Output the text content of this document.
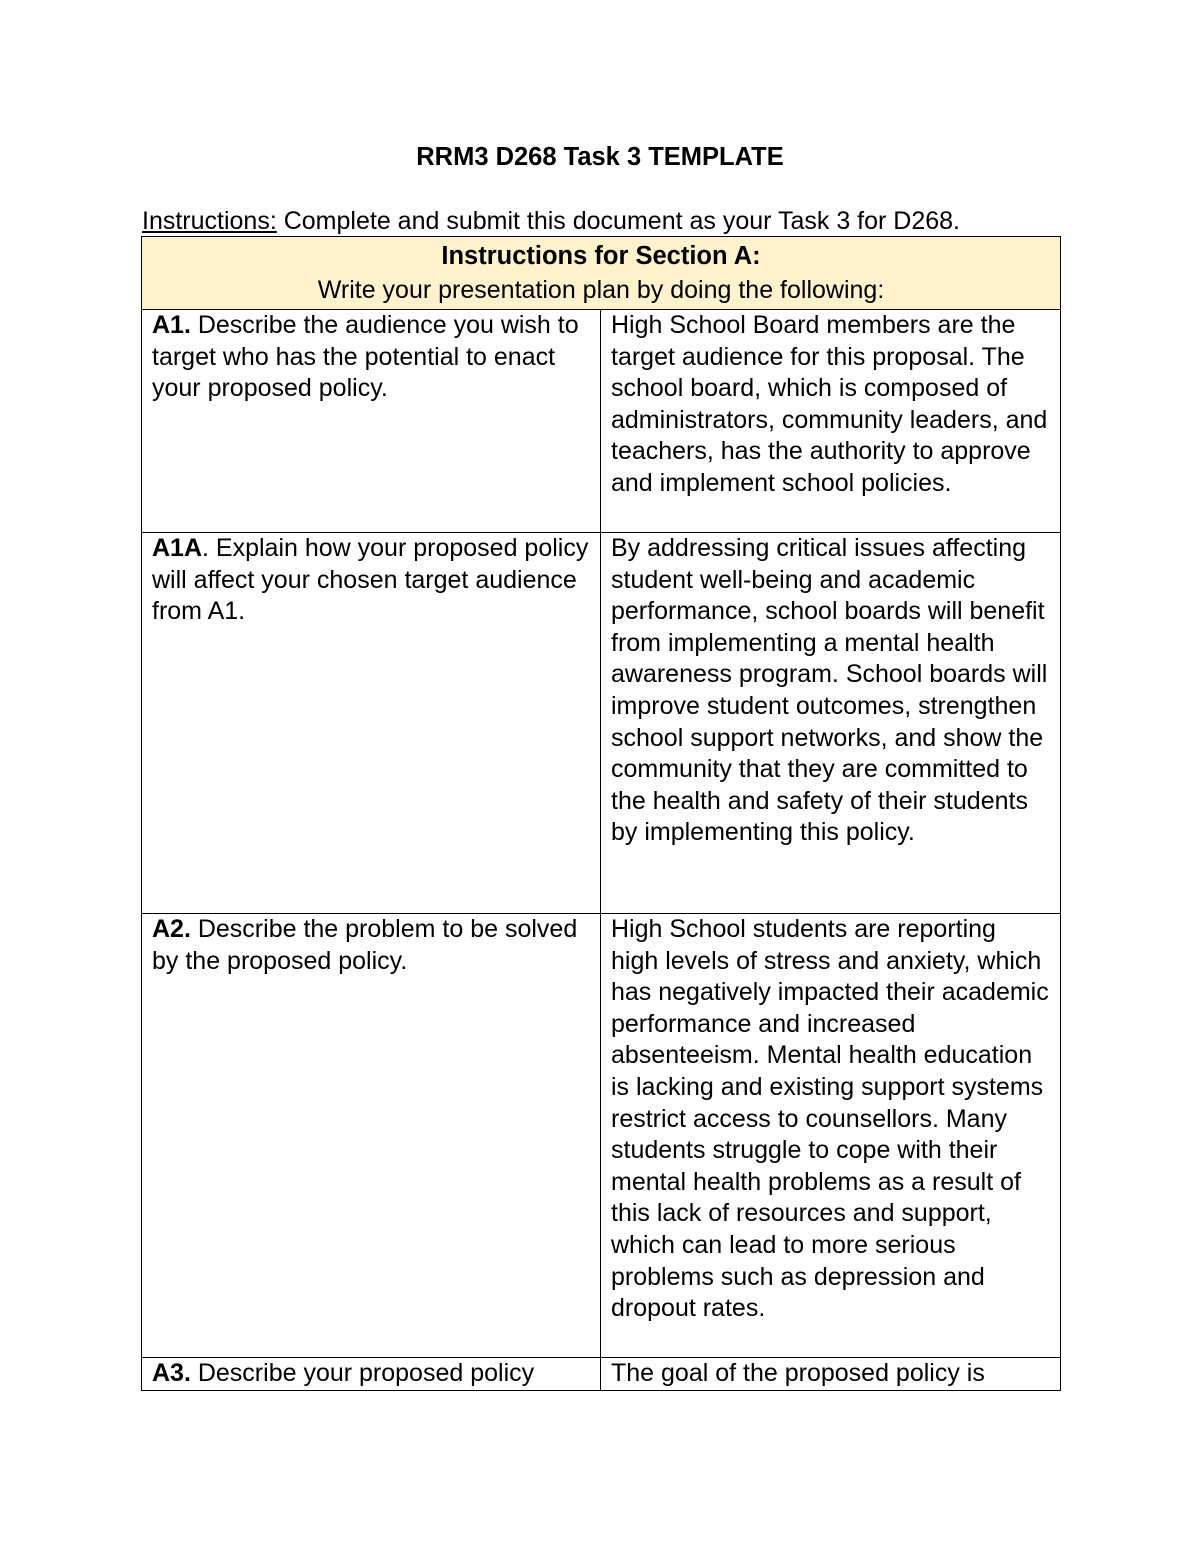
RRM3 D268 Task 3 TEMPLATE
Instructions: Complete and submit this document as your Task 3 for D268.
Instructions for Section A:
Write your presentation plan by doing the following:	

A1. Describe the audience you wish to target who has the potential to enact your proposed policy.	High School Board members are the target audience for this proposal. The school board, which is composed of administrators, community leaders, and teachers, has the authority to approve and implement school policies.

A1A. Explain how your proposed policy will affect your chosen target audience from A1.	By addressing critical issues affecting student well-being and academic performance, school boards will benefit from implementing a mental health awareness program. School boards will improve student outcomes, strengthen school support networks, and show the community that they are committed to the health and safety of their students by implementing this policy.

A2. Describe the problem to be solved by the proposed policy.	High School students are reporting high levels of stress and anxiety, which has negatively impacted their academic performance and increased absenteeism. Mental health education is lacking and existing support systems restrict access to counsellors. Many students struggle to cope with their mental health problems as a result of this lack of resources and support, which can lead to more serious problems such as depression and dropout rates.

A3. Describe your proposed policy	The goal of the proposed policy is
